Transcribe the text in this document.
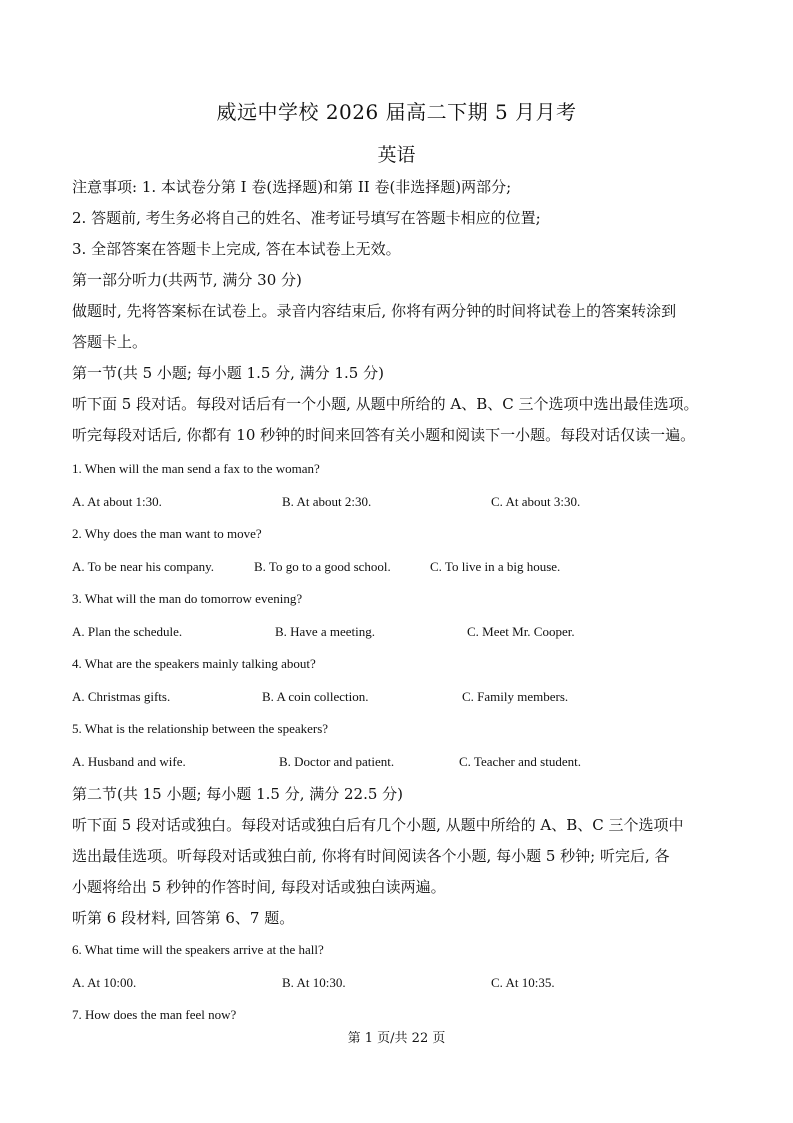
威远中学校 2026 届高二下期 5 月月考
英语
注意事项: 1. 本试卷分第 I 卷(选择题)和第 II 卷(非选择题)两部分;
2. 答题前, 考生务必将自己的姓名、准考证号填写在答题卡相应的位置;
3. 全部答案在答题卡上完成, 答在本试卷上无效。
第一部分听力(共两节, 满分 30 分)
做题时, 先将答案标在试卷上。录音内容结束后, 你将有两分钟的时间将试卷上的答案转涂到
答题卡上。
第一节(共 5 小题; 每小题 1.5 分, 满分 1.5 分)
听下面 5 段对话。每段对话后有一个小题, 从题中所给的 A、B、C 三个选项中选出最佳选项。
听完每段对话后, 你都有 10 秒钟的时间来回答有关小题和阅读下一小题。每段对话仅读一遍。
1. When will the man send a fax to the woman?
A. At about 1:30.	B. At about 2:30.	C. At about 3:30.
2. Why does the man want to move?
A. To be near his company.	B. To go to a good school.	C. To live in a big house.
3. What will the man do tomorrow evening?
A. Plan the schedule.	B. Have a meeting.	C. Meet Mr. Cooper.
4. What are the speakers mainly talking about?
A. Christmas gifts.	B. A coin collection.	C. Family members.
5. What is the relationship between the speakers?
A. Husband and wife.	B. Doctor and patient.	C. Teacher and student.
第二节(共 15 小题; 每小题 1.5 分, 满分 22.5 分)
听下面 5 段对话或独白。每段对话或独白后有几个小题, 从题中所给的 A、B、C 三个选项中
选出最佳选项。听每段对话或独白前, 你将有时间阅读各个小题, 每小题 5 秒钟; 听完后, 各
小题将给出 5 秒钟的作答时间, 每段对话或独白读两遍。
听第 6 段材料, 回答第 6、7 题。
6. What time will the speakers arrive at the hall?
A. At 10:00.	B. At 10:30.	C. At 10:35.
7. How does the man feel now?
第 1 页/共 22 页
